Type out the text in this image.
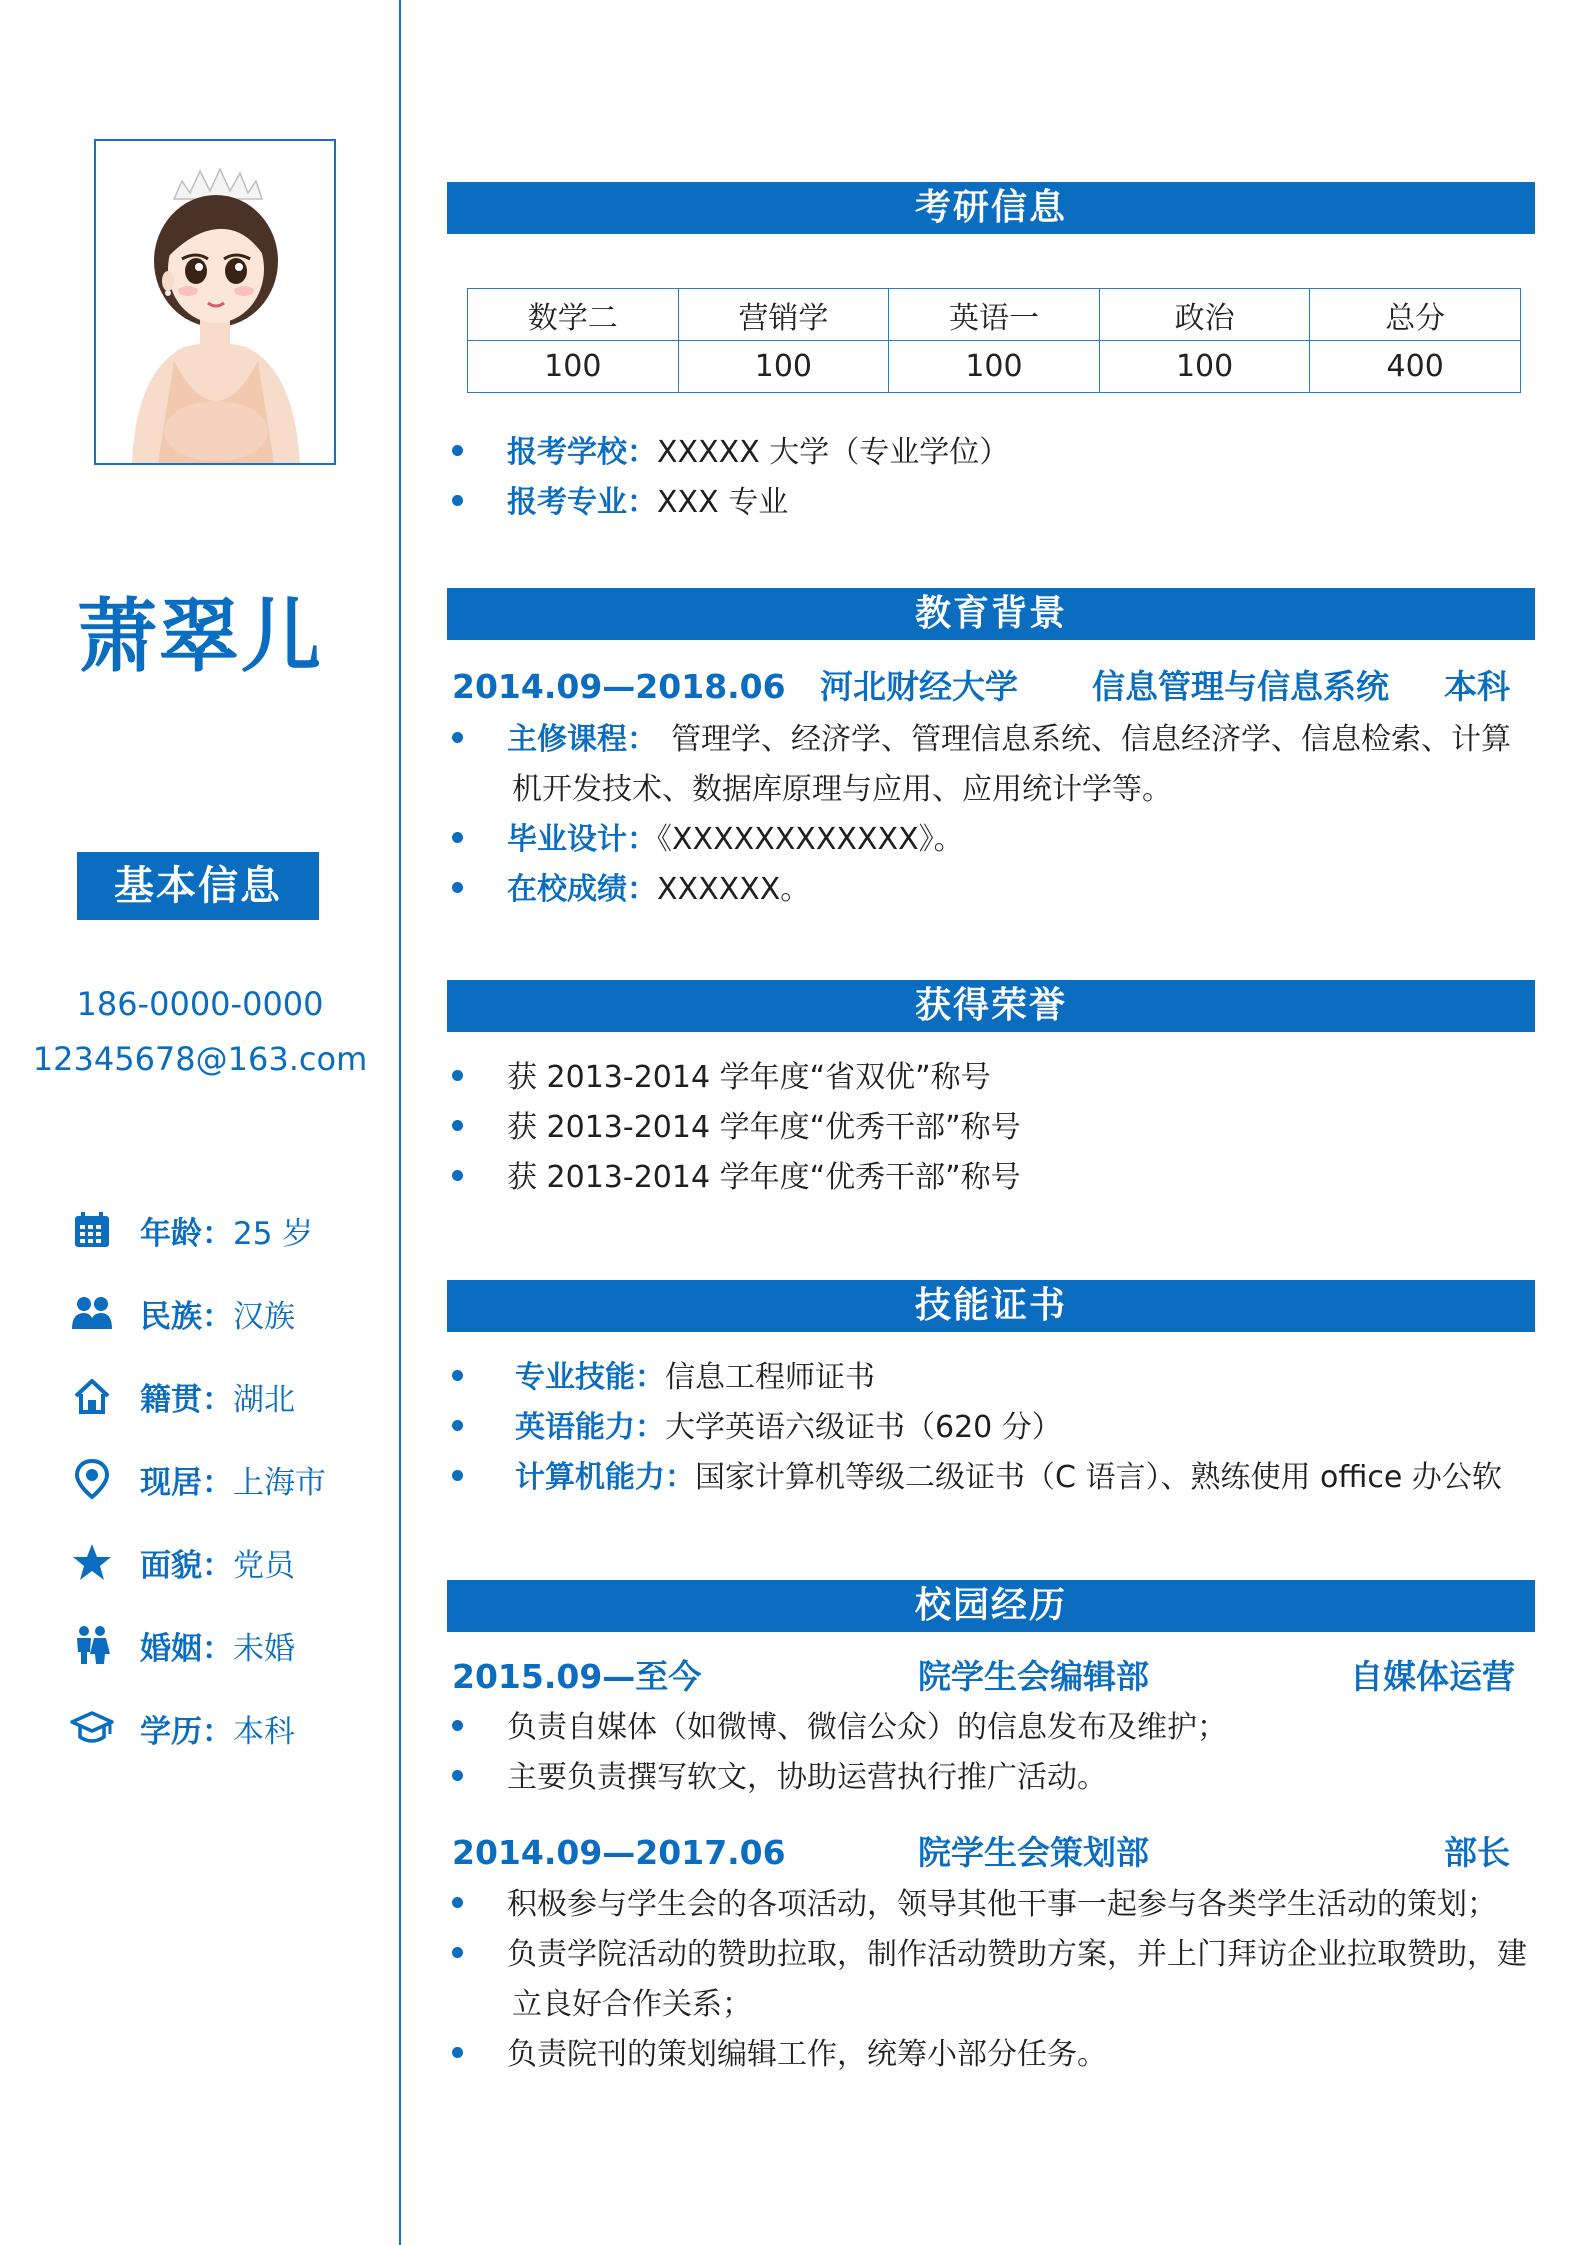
萧翠儿
基本信息
186-0000-0000
12345678@163.com
年龄： 25 岁
民族： 汉族
籍贯： 湖北
现居： 上海市
面貌： 党员
婚姻： 未婚
学历： 本科
考研信息
数学二	营销学	英语一	政治	总分
100	100	100	100	400
报考学校：XXXXX 大学（专业学位）
报考专业：XXX 专业
教育背景
2014.09—2018.06 河北财经大学 信息管理与信息系统 本科
主修课程： 管理学、经济学、管理信息系统、信息经济学、信息检索、计算
机开发技术、数据库原理与应用、应用统计学等。
毕业设计：《XXXXXXXXXXXX》。
在校成绩：XXXXXX。
获得荣誉
获 2013-2014 学年度“省双优”称号
获 2013-2014 学年度“优秀干部”称号
获 2013-2014 学年度“优秀干部”称号
技能证书
专业技能：信息工程师证书
英语能力：大学英语六级证书（620 分）
计算机能力：国家计算机等级二级证书（C 语言）、熟练使用 office 办公软
校园经历
2015.09—至今	院学生会编辑部	自媒体运营
负责自媒体（如微博、微信公众）的信息发布及维护；
主要负责撰写软文，协助运营执行推广活动。
2014.09—2017.06	院学生会策划部	部长
积极参与学生会的各项活动，领导其他干事一起参与各类学生活动的策划；
负责学院活动的赞助拉取，制作活动赞助方案，并上门拜访企业拉取赞助，建
立良好合作关系；
负责院刊的策划编辑工作，统筹小部分任务。
